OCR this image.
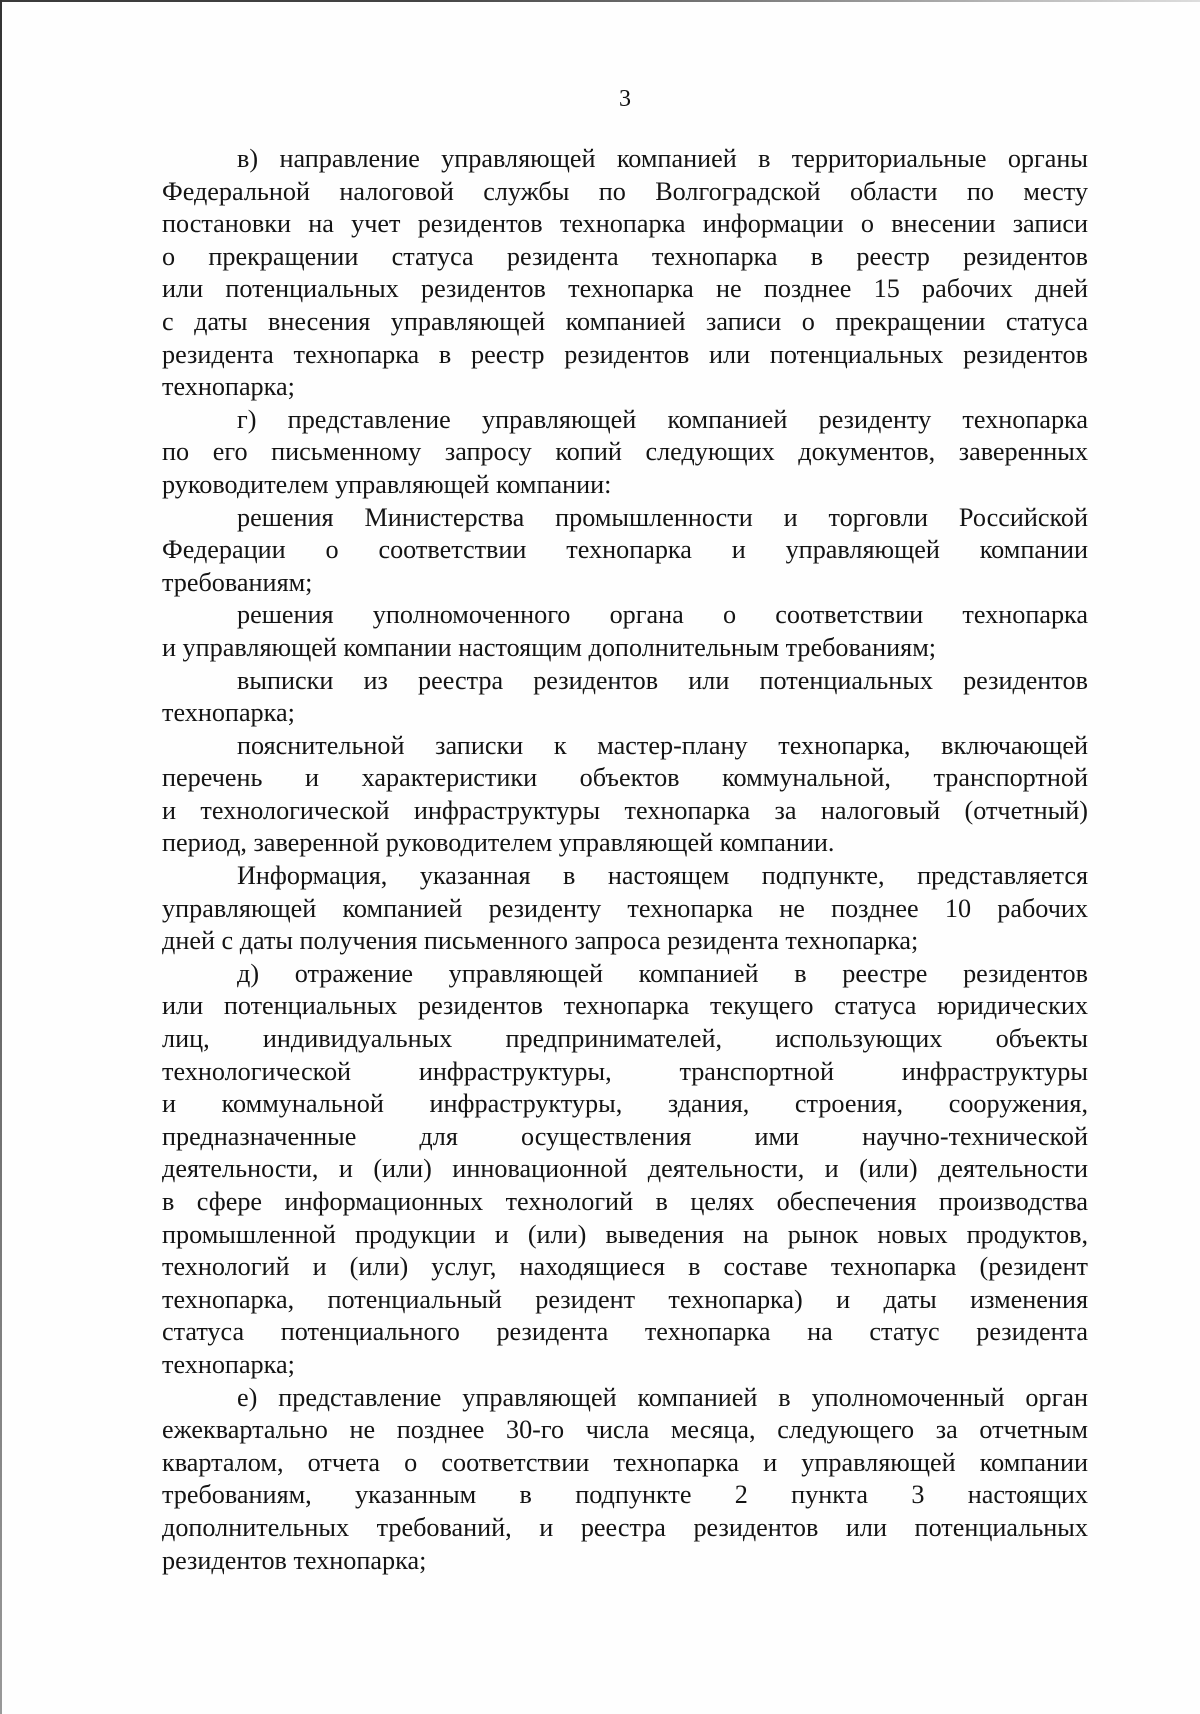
3
в) направление управляющей компанией в территориальные органы
Федеральной налоговой службы по Волгоградской области по месту
постановки на учет резидентов технопарка информации о внесении записи
о прекращении статуса резидента технопарка в реестр резидентов
или потенциальных резидентов технопарка не позднее 15 рабочих дней
с даты внесения управляющей компанией записи о прекращении статуса
резидента технопарка в реестр резидентов или потенциальных резидентов
технопарка;
г) представление управляющей компанией резиденту технопарка
по его письменному запросу копий следующих документов, заверенных
руководителем управляющей компании:
решения Министерства промышленности и торговли Российской
Федерации о соответствии технопарка и управляющей компании
требованиям;
решения уполномоченного органа о соответствии технопарка
и управляющей компании настоящим дополнительным требованиям;
выписки из реестра резидентов или потенциальных резидентов
технопарка;
пояснительной записки к мастер-плану технопарка, включающей
перечень и характеристики объектов коммунальной, транспортной
и технологической инфраструктуры технопарка за налоговый (отчетный)
период, заверенной руководителем управляющей компании.
Информация, указанная в настоящем подпункте, представляется
управляющей компанией резиденту технопарка не позднее 10 рабочих
дней с даты получения письменного запроса резидента технопарка;
д) отражение управляющей компанией в реестре резидентов
или потенциальных резидентов технопарка текущего статуса юридических
лиц, индивидуальных предпринимателей, использующих объекты
технологической инфраструктуры, транспортной инфраструктуры
и коммунальной инфраструктуры, здания, строения, сооружения,
предназначенные для осуществления ими научно-технической
деятельности, и (или) инновационной деятельности, и (или) деятельности
в сфере информационных технологий в целях обеспечения производства
промышленной продукции и (или) выведения на рынок новых продуктов,
технологий и (или) услуг, находящиеся в составе технопарка (резидент
технопарка, потенциальный резидент технопарка) и даты изменения
статуса потенциального резидента технопарка на статус резидента
технопарка;
е) представление управляющей компанией в уполномоченный орган
ежеквартально не позднее 30-го числа месяца, следующего за отчетным
кварталом, отчета о соответствии технопарка и управляющей компании
требованиям, указанным в подпункте 2 пункта 3 настоящих
дополнительных требований, и реестра резидентов или потенциальных
резидентов технопарка;
